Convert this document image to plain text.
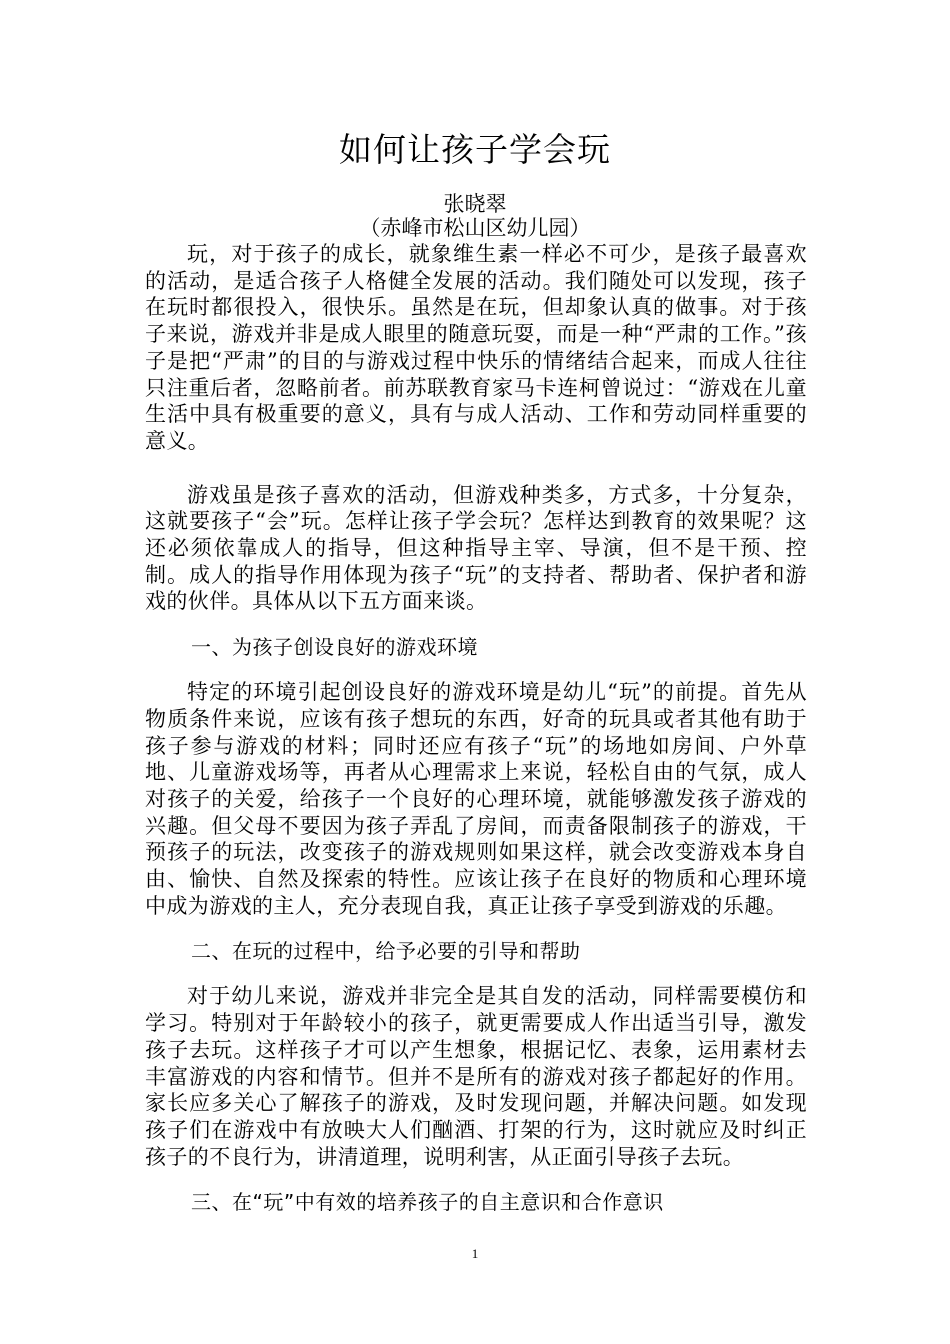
如何让孩子学会玩
张晓翠
（赤峰市松山区幼儿园）

玩，对于孩子的成长，就象维生素一样必不可少，是孩子最喜欢的活动，是适合孩子人格健全发展的活动。我们随处可以发现，孩子在玩时都很投入，很快乐。虽然是在玩，但却象认真的做事。对于孩子来说，游戏并非是成人眼里的随意玩耍，而是一种“严肃的工作。”孩子是把“严肃”的目的与游戏过程中快乐的情绪结合起来，而成人往往只注重后者，忽略前者。前苏联教育家马卡连柯曾说过：“游戏在儿童生活中具有极重要的意义，具有与成人活动、工作和劳动同样重要的意义。

游戏虽是孩子喜欢的活动，但游戏种类多，方式多，十分复杂，这就要孩子“会”玩。怎样让孩子学会玩？怎样达到教育的效果呢？这还必须依靠成人的指导，但这种指导主宰、导演，但不是干预、控制。成人的指导作用体现为孩子“玩”的支持者、帮助者、保护者和游戏的伙伴。具体从以下五方面来谈。

一、为孩子创设良好的游戏环境

特定的环境引起创设良好的游戏环境是幼儿“玩”的前提。首先从物质条件来说，应该有孩子想玩的东西，好奇的玩具或者其他有助于孩子参与游戏的材料；同时还应有孩子“玩”的场地如房间、户外草地、儿童游戏场等，再者从心理需求上来说，轻松自由的气氛，成人对孩子的关爱，给孩子一个良好的心理环境，就能够激发孩子游戏的兴趣。但父母不要因为孩子弄乱了房间，而责备限制孩子的游戏，干预孩子的玩法，改变孩子的游戏规则如果这样，就会改变游戏本身自由、愉快、自然及探索的特性。应该让孩子在良好的物质和心理环境中成为游戏的主人，充分表现自我，真正让孩子享受到游戏的乐趣。

二、在玩的过程中，给予必要的引导和帮助

对于幼儿来说，游戏并非完全是其自发的活动，同样需要模仿和学习。特别对于年龄较小的孩子，就更需要成人作出适当引导，激发孩子去玩。这样孩子才可以产生想象，根据记忆、表象，运用素材去丰富游戏的内容和情节。但并不是所有的游戏对孩子都起好的作用。家长应多关心了解孩子的游戏，及时发现问题，并解决问题。如发现孩子们在游戏中有放映大人们酗酒、打架的行为，这时就应及时纠正孩子的不良行为，讲清道理，说明利害，从正面引导孩子去玩。

三、在“玩”中有效的培养孩子的自主意识和合作意识

1
